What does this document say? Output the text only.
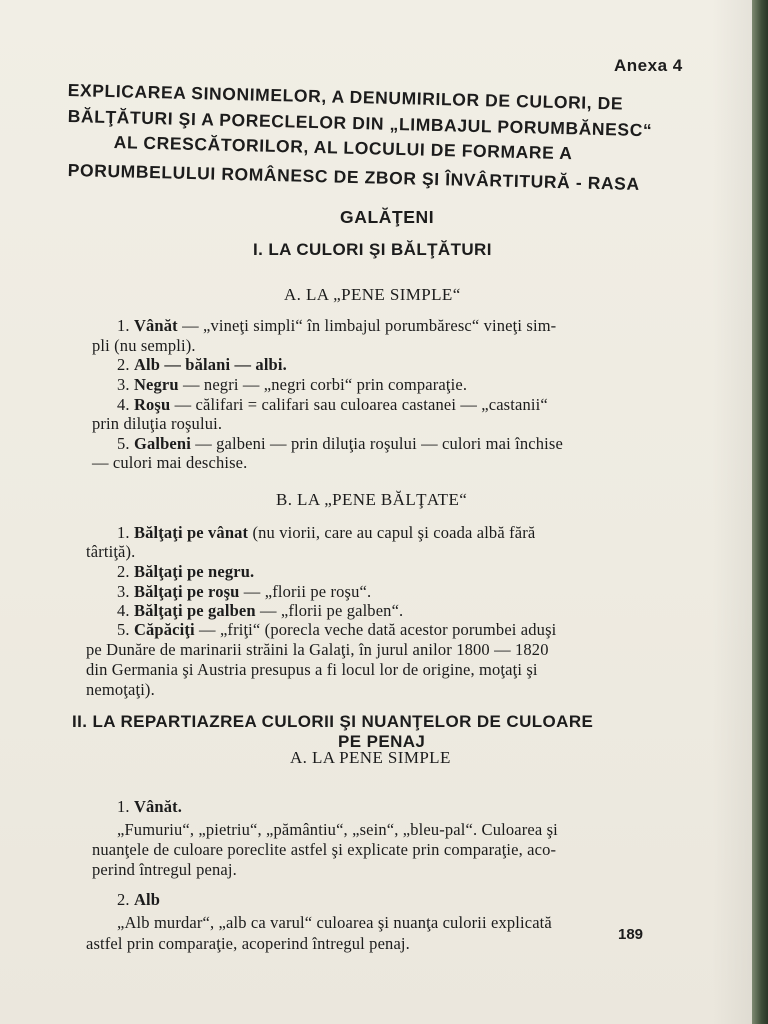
Anexa 4
EXPLICAREA SINONIMELOR, A DENUMIRILOR DE CULORI, DE
BĂLŢĂTURI ŞI A PORECLELOR DIN „LIMBAJUL PORUMBĂNESC“
AL CRESCĂTORILOR, AL LOCULUI DE FORMARE A
PORUMBELULUI ROMÂNESC DE ZBOR ŞI ÎNVÂRTITURĂ - RASA
GALĂŢENI
I. LA CULORI ŞI BĂLŢĂTURI
A. LA „PENE SIMPLE“
1. Vânăt — „vineţi simpli“ în limbajul porumbăresc“ vineţi sim-
pli (nu sempli).
2. Alb — bălani — albi.
3. Negru — negri — „negri corbi“ prin comparaţie.
4. Roşu — călifari = califari sau culoarea castanei — „castanii“
prin diluţia roşului.
5. Galbeni — galbeni — prin diluţia roşului — culori mai închise
— culori mai deschise.
B. LA „PENE BĂLŢATE“
1. Bălţaţi pe vânat (nu viorii, care au capul şi coada albă fără
târtiţă).
2. Bălţaţi pe negru.
3. Bălţaţi pe roşu — „florii pe roşu“.
4. Bălţaţi pe galben — „florii pe galben“.
5. Căpăciţi — „friţi“ (porecla veche dată acestor porumbei aduşi
pe Dunăre de marinarii străini la Galaţi, în jurul anilor 1800 — 1820
din Germania şi Austria presupus a fi locul lor de origine, moţaţi şi
nemoţaţi).
II. LA REPARTIAZREA CULORII ŞI NUANŢELOR DE CULOARE
PE PENAJ
A. LA PENE SIMPLE
1. Vânăt.
„Fumuriu“, „pietriu“, „pământiu“, „sein“, „bleu-pal“. Culoarea şi
nuanţele de culoare poreclite astfel şi explicate prin comparaţie, aco-
perind întregul penaj.
2. Alb
„Alb murdar“, „alb ca varul“ culoarea şi nuanţa culorii explicată
astfel prin comparaţie, acoperind întregul penaj.	189
